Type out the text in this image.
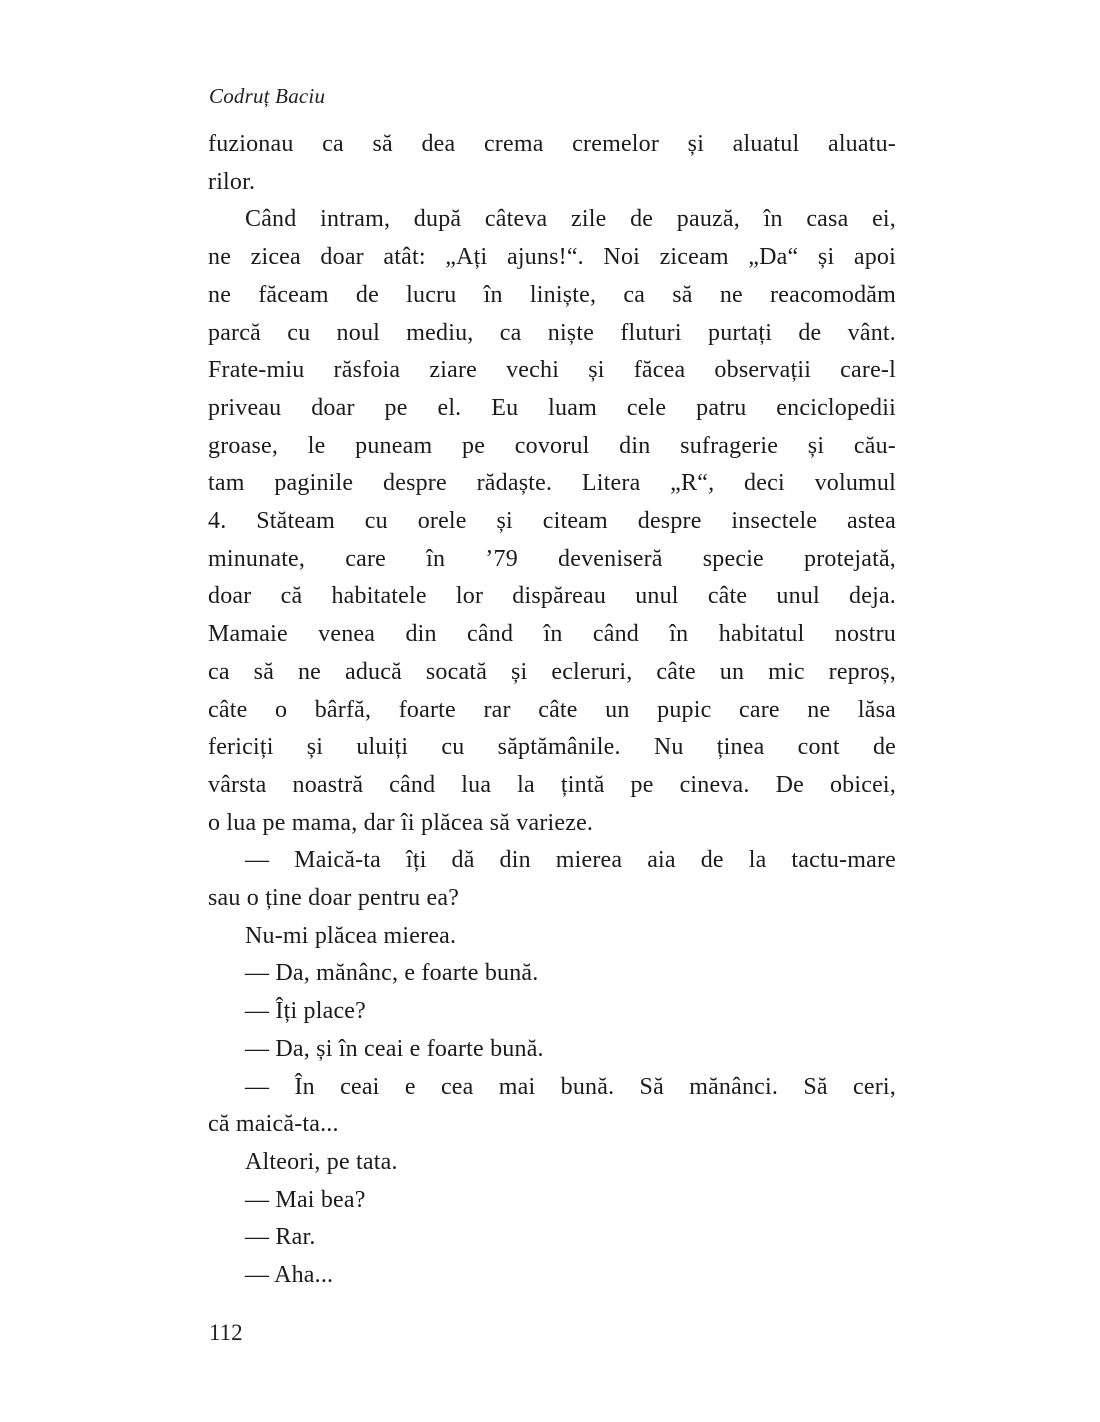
Codruț Baciu
fuzionau ca să dea crema cremelor și aluatul aluatu-
rilor.
Când intram, după câteva zile de pauză, în casa ei,
ne zicea doar atât: „Ați ajuns!“. Noi ziceam „Da“ și apoi
ne făceam de lucru în liniște, ca să ne reacomodăm
parcă cu noul mediu, ca niște fluturi purtați de vânt.
Frate-miu răsfoia ziare vechi și făcea observații care-l
priveau doar pe el. Eu luam cele patru enciclopedii
groase, le puneam pe covorul din sufragerie și cău-
tam paginile despre rădaște. Litera „R“, deci volumul
4. Stăteam cu orele și citeam despre insectele astea
minunate, care în ’79 deveniseră specie protejată,
doar că habitatele lor dispăreau unul câte unul deja.
Mamaie venea din când în când în habitatul nostru
ca să ne aducă socată și ecleruri, câte un mic reproș,
câte o bârfă, foarte rar câte un pupic care ne lăsa
fericiți și uluiți cu săptămânile. Nu ținea cont de
vârsta noastră când lua la țintă pe cineva. De obicei,
o lua pe mama, dar îi plăcea să varieze.
— Maică-ta îți dă din mierea aia de la tactu-mare
sau o ține doar pentru ea?
Nu-mi plăcea mierea.
— Da, mănânc, e foarte bună.
— Îți place?
— Da, și în ceai e foarte bună.
— În ceai e cea mai bună. Să mănânci. Să ceri,
că maică-ta...
Alteori, pe tata.
— Mai bea?
— Rar.
— Aha...
112
